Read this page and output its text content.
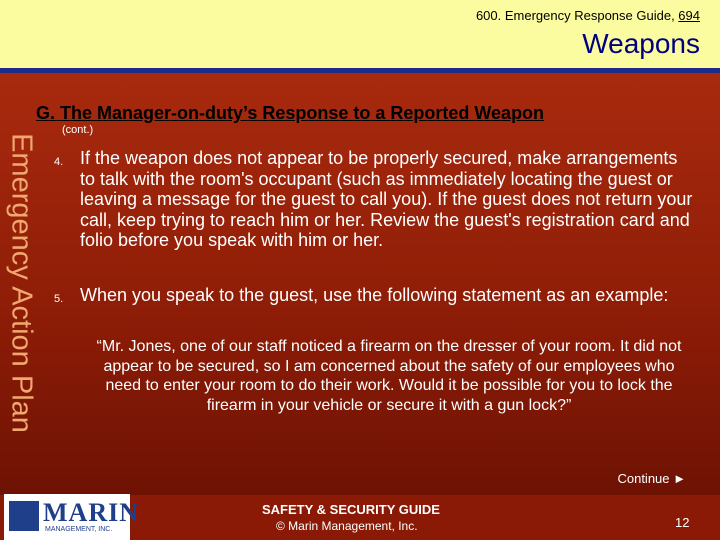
600. Emergency Response Guide, 694
Weapons
Emergency Action Plan
G. The Manager-on-duty’s Response to a Reported Weapon
(cont.)
4. If the weapon does not appear to be properly secured, make arrangements to talk with the room's occupant (such as immediately locating the guest or leaving a message for the guest to call you). If the guest does not return your call, keep trying to reach him or her. Review the guest's registration card and folio before you speak with him or her.
5. When you speak to the guest, use the following statement as an example:
“Mr. Jones, one of our staff noticed a firearm on the dresser of your room. It did not appear to be secured, so I am concerned about the safety of our employees who need to enter your room to do their work. Would it be possible for you to lock the firearm in your vehicle or secure it with a gun lock?”
Continue ►
MARIN
MANAGEMENT, INC.
SAFETY & SECURITY GUIDE
© Marin Management, Inc.	12
